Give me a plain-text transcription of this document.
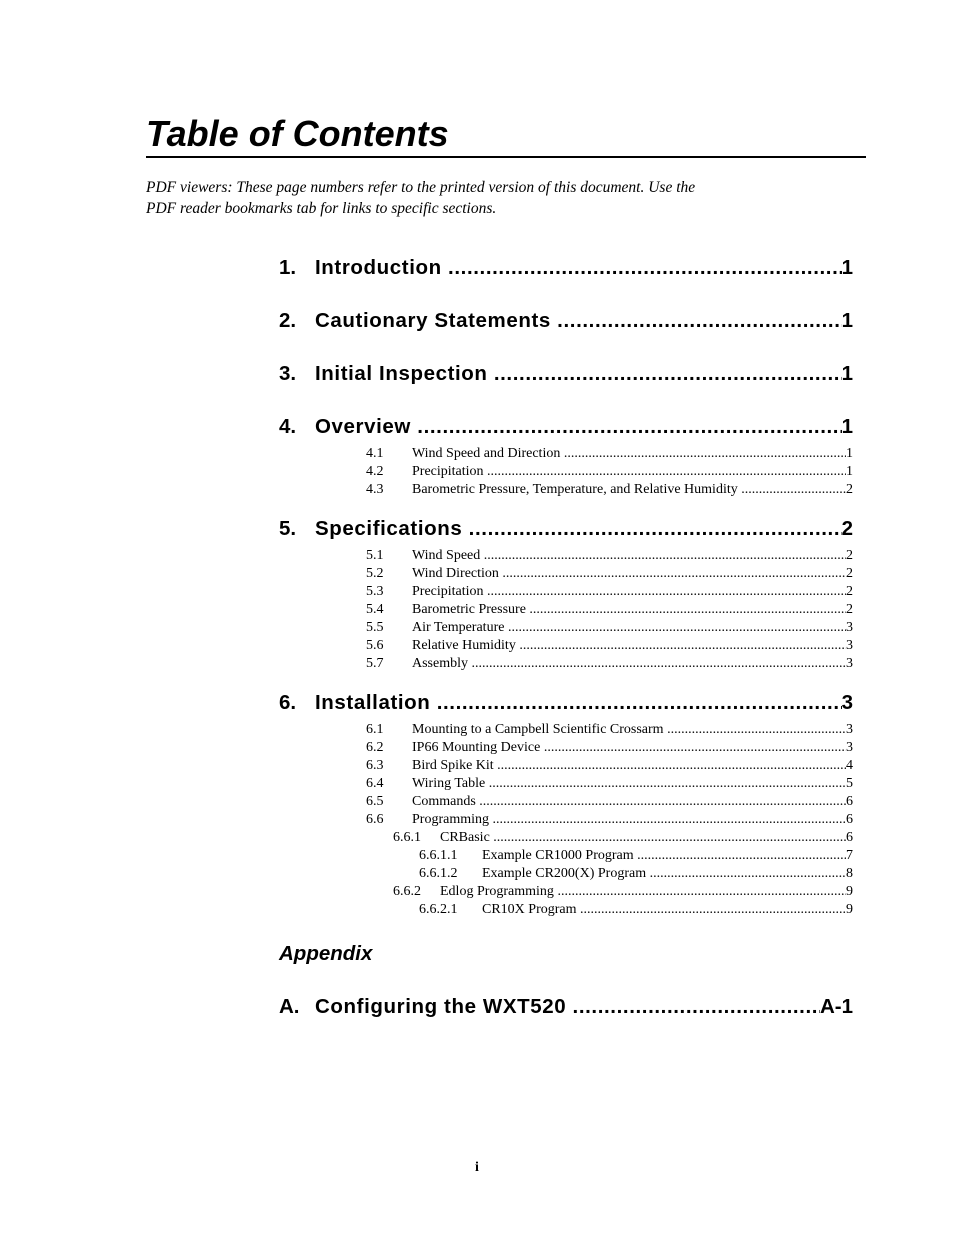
Table of Contents
PDF viewers: These page numbers refer to the printed version of this document. Use the
PDF reader bookmarks tab for links to specific sections.
1. Introduction .....	1
2. Cautionary Statements .....	1
3. Initial Inspection .....	1
4. Overview .....	1
4.1	Wind Speed and Direction .....	1
4.2	Precipitation .....	1
4.3	Barometric Pressure, Temperature, and Relative Humidity .....	2
5. Specifications .....	2
5.1	Wind Speed .....	2
5.2	Wind Direction .....	2
5.3	Precipitation .....	2
5.4	Barometric Pressure .....	2
5.5	Air Temperature .....	3
5.6	Relative Humidity .....	3
5.7	Assembly .....	3
6. Installation .....	3
6.1	Mounting to a Campbell Scientific Crossarm .....	3
6.2	IP66 Mounting Device .....	3
6.3	Bird Spike Kit .....	4
6.4	Wiring Table .....	5
6.5	Commands .....	6
6.6	Programming .....	6
6.6.1	CRBasic .....	6
6.6.1.1	Example CR1000 Program .....	7
6.6.1.2	Example CR200(X) Program .....	8
6.6.2	Edlog Programming .....	9
6.6.2.1	CR10X Program .....	9
Appendix
A. Configuring the WXT520 .....	A-1
i
